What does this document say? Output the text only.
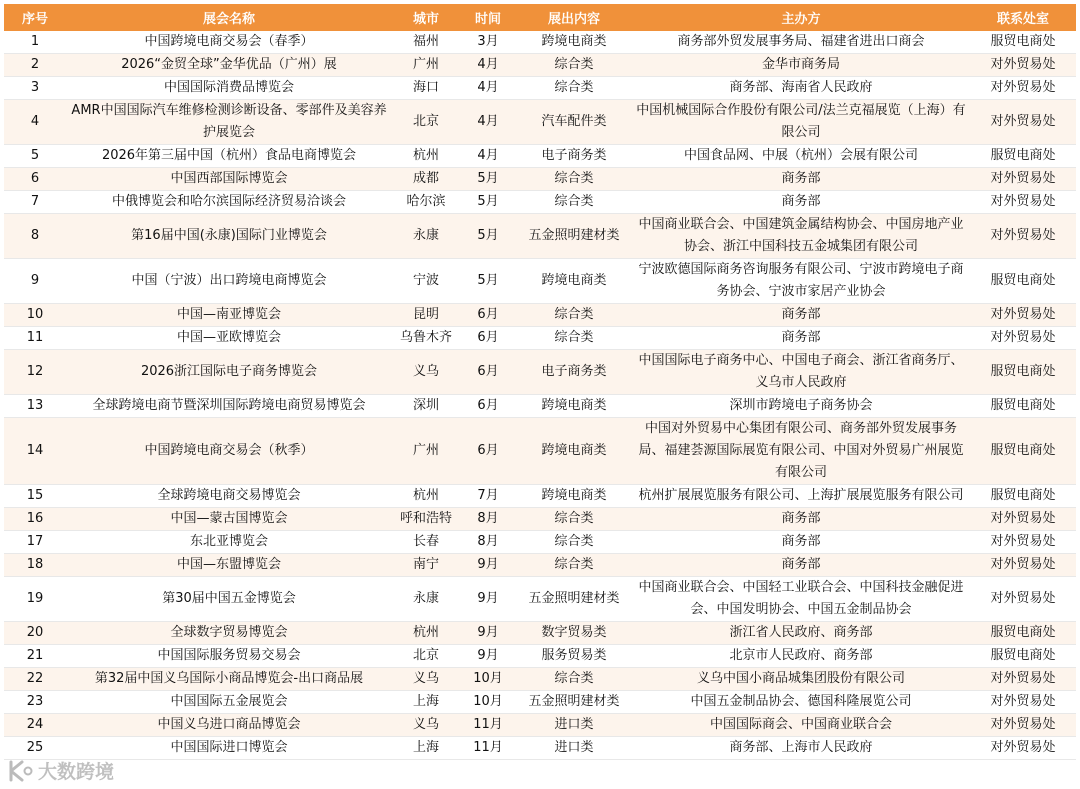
序号	展会名称	城市	时间	展出内容	主办方	联系处室
1	中国跨境电商交易会（春季）	福州	3月	跨境电商类	商务部外贸发展事务局、福建省进出口商会	服贸电商处
2	2026“金贸全球”金华优品（广州）展	广州	4月	综合类	金华市商务局	对外贸易处
3	中国国际消费品博览会	海口	4月	综合类	商务部、海南省人民政府	对外贸易处
4	AMR中国国际汽车维修检测诊断设备、零部件及美容养护展览会	北京	4月	汽车配件类	中国机械国际合作股份有限公司/法兰克福展览（上海）有限公司	对外贸易处
5	2026年第三届中国（杭州）食品电商博览会	杭州	4月	电子商务类	中国食品网、中展（杭州）会展有限公司	服贸电商处
6	中国西部国际博览会	成都	5月	综合类	商务部	对外贸易处
7	中俄博览会和哈尔滨国际经济贸易洽谈会	哈尔滨	5月	综合类	商务部	对外贸易处
8	第16届中国(永康)国际门业博览会	永康	5月	五金照明建材类	中国商业联合会、中国建筑金属结构协会、中国房地产业协会、浙江中国科技五金城集团有限公司	对外贸易处
9	中国（宁波）出口跨境电商博览会	宁波	5月	跨境电商类	宁波欧德国际商务咨询服务有限公司、宁波市跨境电子商务协会、宁波市家居产业协会	服贸电商处
10	中国—南亚博览会	昆明	6月	综合类	商务部	对外贸易处
11	中国—亚欧博览会	乌鲁木齐	6月	综合类	商务部	对外贸易处
12	2026浙江国际电子商务博览会	义乌	6月	电子商务类	中国国际电子商务中心、中国电子商会、浙江省商务厅、义乌市人民政府	服贸电商处
13	全球跨境电商节暨深圳国际跨境电商贸易博览会	深圳	6月	跨境电商类	深圳市跨境电子商务协会	服贸电商处
14	中国跨境电商交易会（秋季）	广州	6月	跨境电商类	中国对外贸易中心集团有限公司、商务部外贸发展事务局、福建荟源国际展览有限公司、中国对外贸易广州展览有限公司	服贸电商处
15	全球跨境电商交易博览会	杭州	7月	跨境电商类	杭州扩展展览服务有限公司、上海扩展展览服务有限公司	服贸电商处
16	中国—蒙古国博览会	呼和浩特	8月	综合类	商务部	对外贸易处
17	东北亚博览会	长春	8月	综合类	商务部	对外贸易处
18	中国—东盟博览会	南宁	9月	综合类	商务部	对外贸易处
19	第30届中国五金博览会	永康	9月	五金照明建材类	中国商业联合会、中国轻工业联合会、中国科技金融促进会、中国发明协会、中国五金制品协会	对外贸易处
20	全球数字贸易博览会	杭州	9月	数字贸易类	浙江省人民政府、商务部	服贸电商处
21	中国国际服务贸易交易会	北京	9月	服务贸易类	北京市人民政府、商务部	服贸电商处
22	第32届中国义乌国际小商品博览会-出口商品展	义乌	10月	综合类	义乌中国小商品城集团股份有限公司	对外贸易处
23	中国国际五金展览会	上海	10月	五金照明建材类	中国五金制品协会、德国科隆展览公司	对外贸易处
24	中国义乌进口商品博览会	义乌	11月	进口类	中国国际商会、中国商业联合会	对外贸易处
25	中国国际进口博览会	上海	11月	进口类	商务部、上海市人民政府	对外贸易处
大数跨境
